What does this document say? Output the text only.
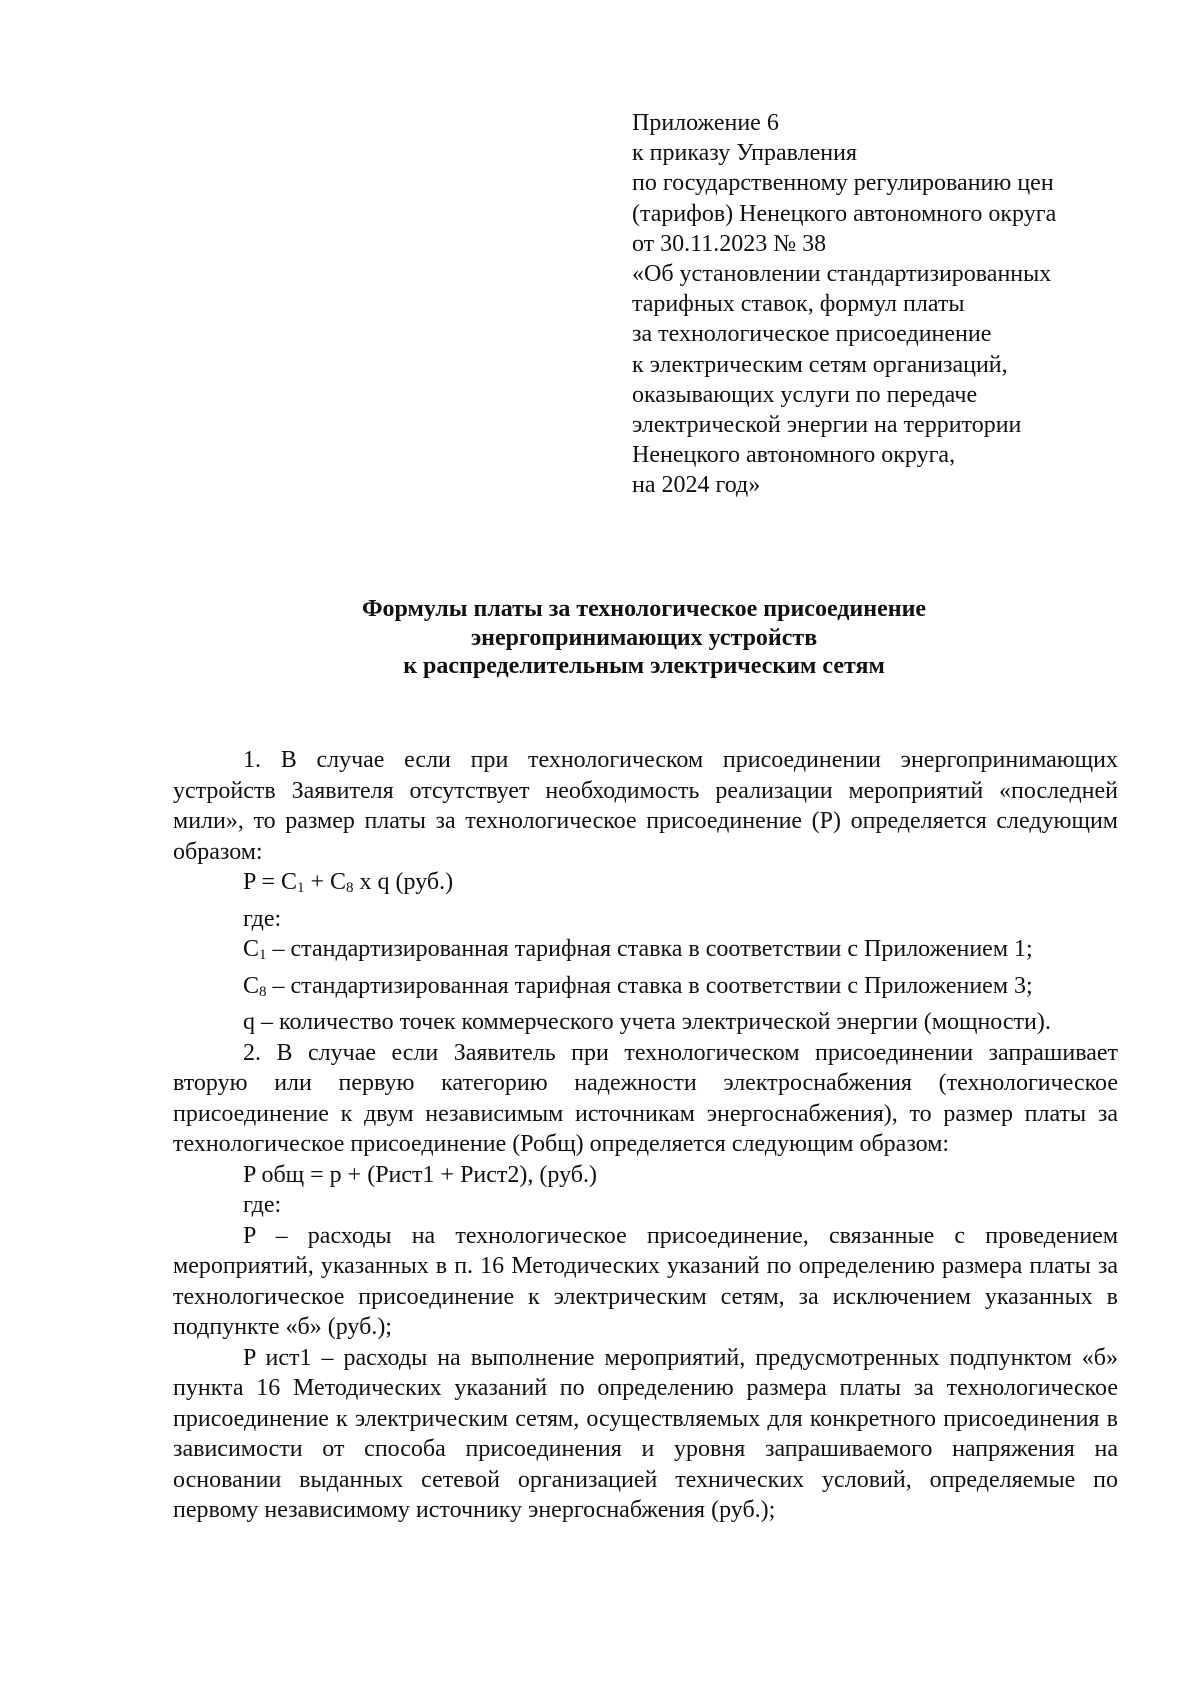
Приложение 6
к приказу Управления
по государственному регулированию цен
(тарифов) Ненецкого автономного округа
от 30.11.2023 № 38
«Об установлении стандартизированных
тарифных ставок, формул платы
за технологическое присоединение
к электрическим сетям организаций,
оказывающих услуги по передаче
электрической энергии на территории
Ненецкого автономного округа,
на 2024 год»
Формулы платы за технологическое присоединение
энергопринимающих устройств
к распределительным электрическим сетям

1. В случае если при технологическом присоединении энергопринимающих устройств Заявителя отсутствует необходимость реализации мероприятий «последней мили», то размер платы за технологическое присоединение (P) определяется следующим образом:

$P = C_1 + C_8$ x q (руб.)

где:

$C_1$ – стандартизированная тарифная ставка в соответствии с Приложением 1;

$C_8$ – стандартизированная тарифная ставка в соответствии с Приложением 3;

q – количество точек коммерческого учета электрической энергии (мощности).

2. В случае если Заявитель при технологическом присоединении запрашивает вторую или первую категорию надежности электроснабжения (технологическое присоединение к двум независимым источникам энергоснабжения), то размер платы за технологическое присоединение (Робщ) определяется следующим образом:

P общ = p + (Рист1 + Рист2), (руб.)

где:

P – расходы на технологическое присоединение, связанные с проведением мероприятий, указанных в п. 16 Методических указаний по определению размера платы за технологическое присоединение к электрическим сетям, за исключением указанных в подпункте «б» (руб.);

P ист1 – расходы на выполнение мероприятий, предусмотренных подпунктом «б» пункта 16 Методических указаний по определению размера платы за технологическое присоединение к электрическим сетям, осуществляемых для конкретного присоединения в зависимости от способа присоединения и уровня запрашиваемого напряжения на основании выданных сетевой организацией технических условий, определяемые по первому независимому источнику энергоснабжения (руб.);
